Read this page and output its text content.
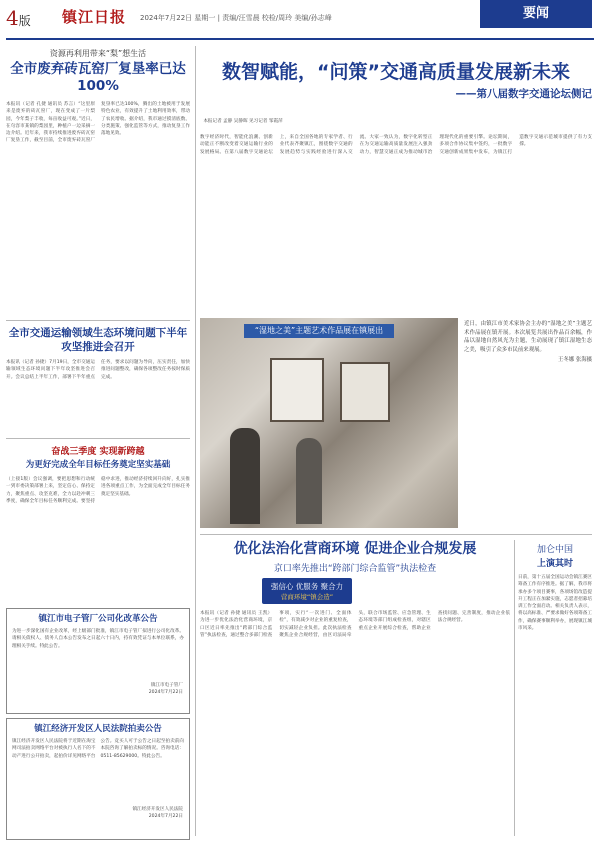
4版 镇江日报 2024年7月22日 星期一 | 责编/汪雪晨 校检/周玲 美编/孙志峰	要闻
资源再利用带来“梨”想生活
全市废弃砖瓦窑厂复垦率已达100%
本报讯（记者 孔捷 通讯员 苏言）“这里原来是废弃的砖瓦窑厂，现在变成了一片梨园，今年梨子丰收，每亩收益可观。”近日，在句容市某镇的梨园里，种植户一边采摘一边介绍。近年来，我市持续推进废弃砖瓦窑厂复垦工作，截至目前，全市废弃砖瓦窑厂复垦率已达100%，腾出的土地被用于发展特色农业，有效提升了土地利用效率，带动了农民增收。据介绍，我市通过摸清底数、分类施策、强化监管等方式，推动复垦工作落地见效。
全市交通运输领域生态环境问题下半年攻坚推进会召开
本报讯（记者 孙捷）7月19日，全市交通运输领域生态环境问题下半年攻坚推进会召开。会议总结上半年工作，部署下半年重点任务，要求以问题为导向，压实责任，加快推进问题整改，确保各项整改任务按时保质完成。
奋战三季度 实现新跨越
为更好完成全年目标任务奠定坚实基础
（上接1版）会议强调，要把思想和行动统一到市委决策部署上来，坚定信心、保持定力，聚焦重点、攻坚克难，全力以赴冲刺三季度，确保全年目标任务顺利完成。要坚持稳中求进，推动经济持续回升向好，扎实推进各项重点工作，为全面完成全年目标任务奠定坚实基础。
镇江市电子管厂公司化改革公告
为进一步深化国有企业改革，经上级部门批准，镇江市电子管厂拟进行公司化改革。请相关债权人、债务人自本公告发布之日起六十日内，持有效凭证与本单位联系，办理相关手续。特此公告。
镇江市电子管厂
2024年7月22日
镇江经济开发区人民法院拍卖公告
镇江经济开发区人民法院将于近期在淘宝网司法拍卖网络平台对被执行人名下的不动产进行公开拍卖，起拍价详见网络平台公告。竞买人可于公告之日起至拍卖前向本院咨询了解拍卖标的情况。咨询电话：0511-85629000。特此公告。
镇江经济开发区人民法院
2024年7月22日
数智赋能，“问策”交通高质量发展新未来
——第八届数字交通论坛侧记
本报记者 孟静 吴静晖 见习记者 邹霞萍
数字经济时代，智能化浪潮、创新动能正不断改变着交通运输行业的发展格局。在第八届数字交通论坛上，来自全国各地的专家学者、行业代表齐聚镇江，围绕数字交通的发展趋势与实践经验进行深入交流。大家一致认为，数字化转型正在为交通运输高质量发展注入强劲动力，智慧交通正成为推动城市治理现代化的重要引擎。论坛期间，多项合作协议集中签约，一批数字交通创新成果集中发布，为镇江打造数字交通示范城市提供了有力支撑。
“湿地之美”主题艺术作品展在镇展出
近日，由镇江市美术家协会主办的“湿地之美”主题艺术作品展在镇开展。本次展览共展出作品百余幅，作品以湿地自然风光为主题，生动展现了镇江湿地生态之美，吸引了众多市民前来观展。
王冬娜 张海摄
优化法治化营商环境 促进企业合规发展
京口率先推出“跨部门综合监管”执法检查
强信心 优服务 聚合力
营商环境“镇会造”
本报讯（记者 孙捷 通讯员 王凯）为进一步优化法治化营商环境，京口区近日率先推出“跨部门综合监管”执法检查，通过整合多部门检查事项，实行“一次进门、全面体检”，有效减少对企业的重复检查，切实减轻企业负担。此次执法检查聚焦企业合规经营，由区司法局牵头，联合市场监管、应急管理、生态环境等部门组成检查组，对辖区重点企业开展综合检查，帮助企业查找问题、完善制度，推动企业依法合规经营。
加仑中国
上演其时
日前，第十五届全国运动会镇江赛区筹备工作有序推进。据了解，我市将承办多个项目赛事，各项场馆改造提升工程正在加紧实施，志愿者招募培训工作全面启动。相关负责人表示，将以高标准、严要求做好各项筹备工作，确保赛事顺利举办，展现镇江城市风采。
